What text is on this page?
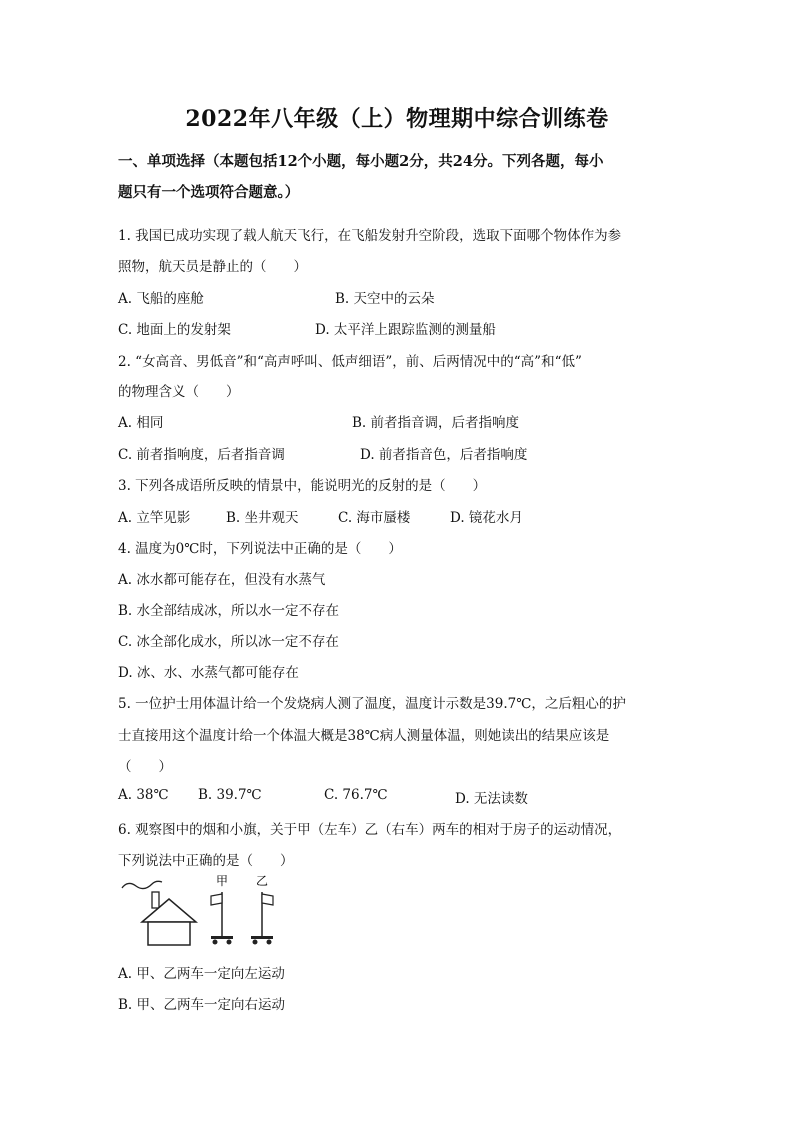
2022年八年级（上）物理期中综合训练卷
一、单项选择（本题包括12个小题，每小题2分，共24分。下列各题，每小
题只有一个选项符合题意。）
1. 我国已成功实现了载人航天飞行，在飞船发射升空阶段，选取下面哪个物体作为参
照物，航天员是静止的（　　）
A. 飞船的座舱	B. 天空中的云朵
C. 地面上的发射架	D. 太平洋上跟踪监测的测量船
2. “女高音、男低音”和“高声呼叫、低声细语”，前、后两情况中的“高”和“低”
的物理含义（　　）
A. 相同	B. 前者指音调，后者指响度
C. 前者指响度，后者指音调	D. 前者指音色，后者指响度
3. 下列各成语所反映的情景中，能说明光的反射的是（　　）
A. 立竿见影	B. 坐井观天	C. 海市蜃楼	D. 镜花水月
4. 温度为0℃时，下列说法中正确的是（　　）
A. 冰水都可能存在，但没有水蒸气
B. 水全部结成冰，所以水一定不存在
C. 冰全部化成水，所以冰一定不存在
D. 冰、水、水蒸气都可能存在
5. 一位护士用体温计给一个发烧病人测了温度，温度计示数是39.7℃，之后粗心的护
士直接用这个温度计给一个体温大概是38℃病人测量体温，则她读出的结果应该是
（　　）
A. 38℃ B. 39.7℃	C. 76.7℃	D. 无法读数
6. 观察图中的烟和小旗，关于甲（左车）乙（右车）两车的相对于房子的运动情况，
下列说法中正确的是（　　）
甲 乙
A. 甲、乙两车一定向左运动
B. 甲、乙两车一定向右运动
